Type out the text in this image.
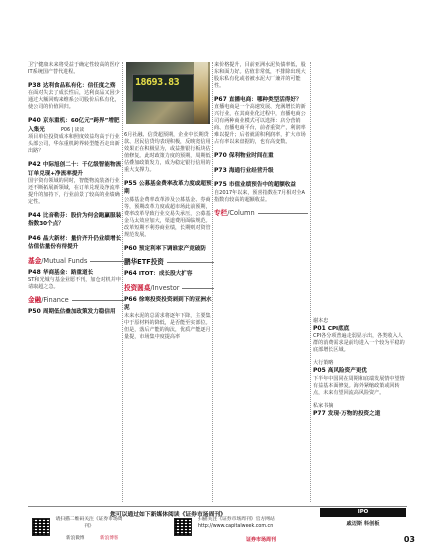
卫宁健康未来将受益于确定性较高的医疗IT系统国产替代进程。
P38 达利食品私有化：信任度之殇
在面对失去了成长性后，达利食品又因少通过大额回购来维系公司股价后私有化，使公司的价值回归。
P40 京东重机：60亿元“跨界”增肥入集光
项目单位投资成本和照度效益均高于行业头部公司，华东重机跨界转型能否走出新出路？
P42 中际旭创二十：千亿级智能物流订单兑现+净流率提升
国宇资有领域的同时，智能物流装备行业还不断拓展新领域，在订单兑现及净流率提升的加持下，行业前景了较高的业绩确定性。
P44 比音勒芬：股价为何会跑赢服装指数30个点？
P46 晶大新材：量价齐升仍业绩增长估值估量份有待提升
基金 /Mutual Funds
P48 华商基金：路重道长
ST和光城与基金业愿不刊，加仓对机并申请取超之急。
金融 /Finance
P50 周期低估叠加政策发力稳信用
18693.83
6月社融、信贷超预期，企业中长期贷款、居民信贷均表现积极，反映宽信用效果正在积极显为，或益推银行板块估值修复。此时政策力度的预期，周期低估叠加政策发力，成为稳定银行信用的重大支撑力。
P55 公募基金费率改革力度或超预期
公募基金费率改革涉及公募基金、券商等，预期改革力度或超市场此前预期，费率改革导致行业交易失承压，公募基金马太效应加大，渠道费用面临规范。改革短期不利券商业绩，长期则对资管规范发展。
P60 预定利率下调谁家产竞破防
鹏华ETF投资
P64 ITOT：成长股大扩容
投资圆桌 /Investor
P66 徐寒投资投资剥到下的亚洲水泥
未来水泥的总需求将逐年下降，主要集中于原材料的降低，是否能至实部位。但是，落后产能的淘汰，优质产能逐月量提，市场集中度提高率
P06 | 读读
来价格提升，目前亚洲水泥负债率低，股东和面力好。估值非常低，不排除出现大股东私有化或者被水泥大厂兼并的可能性。
P67 直播电商：哪种类型活得好？
直播电商是一个高速发展、充满增长的新兴行业，在其商业化过程中，直播电商公司有两种商业模式可以选择：店分营销商、直播电商平台，前者重资产，利润率难以提升；后者就需积利润率，扩大市场占有率以来盘据的，也有高变数。
P70 保利物业时间在重
P73 海通行业经营升级
P75 市值业绩预告中的超额收益
自2017年以来，预喜指数在7月相对全A指数有较高的超额收益。
专栏 /Column
谢本忠
P01 CPI底底
CPI各分项普遍走弱显示出，各类收入人群的消费需求是前均进入一个较为平稳的底部增长区域。
大行策略
P05 高风险资产更优
下半年中国同在周期和底端发展情中望情有益基本面修复。海外紧缩政策或回转点，未来有望回流高风险资产。
私家书摘
P77 发现·万物的投资之道
您可以通过如下新媒体阅读《证券市场周刊》
请扫描二维码关注《证券市场周刊》
新浪微博	新浪博客
扫描关注《证券市场周刊》官方网站
http://www.capitalweek.com.cn
证券市场周刊
IPO
戚迈斯 科创板
03
